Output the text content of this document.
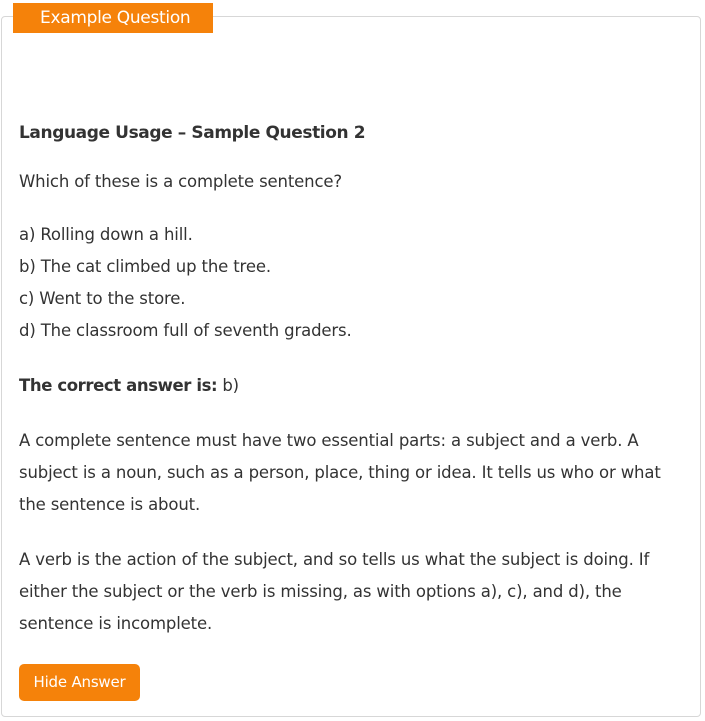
Example Question

Language Usage – Sample Question 2

Which of these is a complete sentence?

a) Rolling down a hill.
b) The cat climbed up the tree.
c) Went to the store.
d) The classroom full of seventh graders.

The correct answer is: b)

A complete sentence must have two essential parts: a subject and a verb. A subject is a noun, such as a person, place, thing or idea. It tells us who or what the sentence is about.

A verb is the action of the subject, and so tells us what the subject is doing. If either the subject or the verb is missing, as with options a), c), and d), the sentence is incomplete.

Hide Answer
